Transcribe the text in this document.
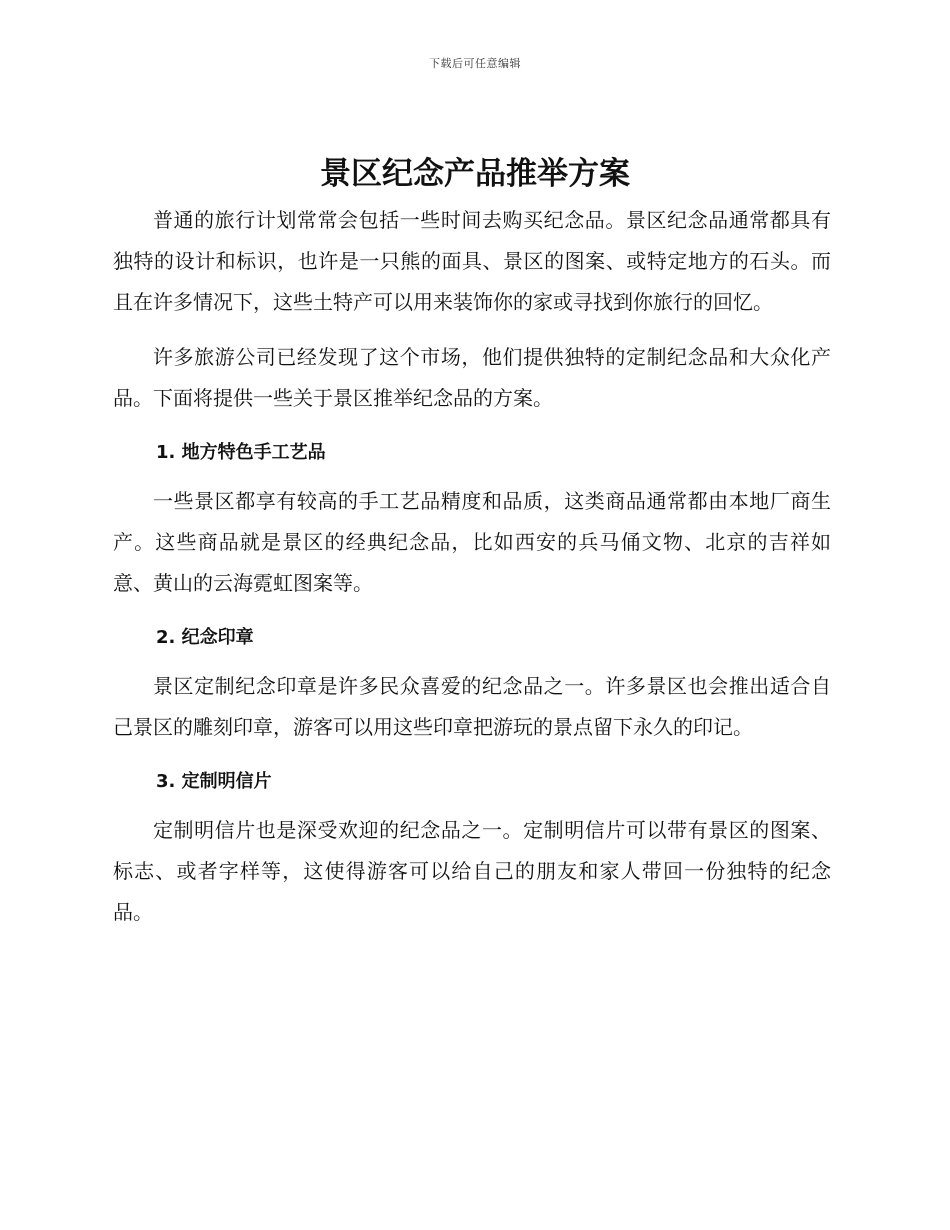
下载后可任意编辑
景区纪念产品推举方案

普通的旅行计划常常会包括一些时间去购买纪念品。景区纪念品通常都具有独特的设计和标识，也许是一只熊的面具、景区的图案、或特定地方的石头。而且在许多情况下，这些土特产可以用来装饰你的家或寻找到你旅行的回忆。

许多旅游公司已经发现了这个市场，他们提供独特的定制纪念品和大众化产品。下面将提供一些关于景区推举纪念品的方案。

1. 地方特色手工艺品

一些景区都享有较高的手工艺品精度和品质，这类商品通常都由本地厂商生产。这些商品就是景区的经典纪念品，比如西安的兵马俑文物、北京的吉祥如意、黄山的云海霓虹图案等。

2. 纪念印章

景区定制纪念印章是许多民众喜爱的纪念品之一。许多景区也会推出适合自己景区的雕刻印章，游客可以用这些印章把游玩的景点留下永久的印记。

3. 定制明信片

定制明信片也是深受欢迎的纪念品之一。定制明信片可以带有景区的图案、标志、或者字样等，这使得游客可以给自己的朋友和家人带回一份独特的纪念品。
